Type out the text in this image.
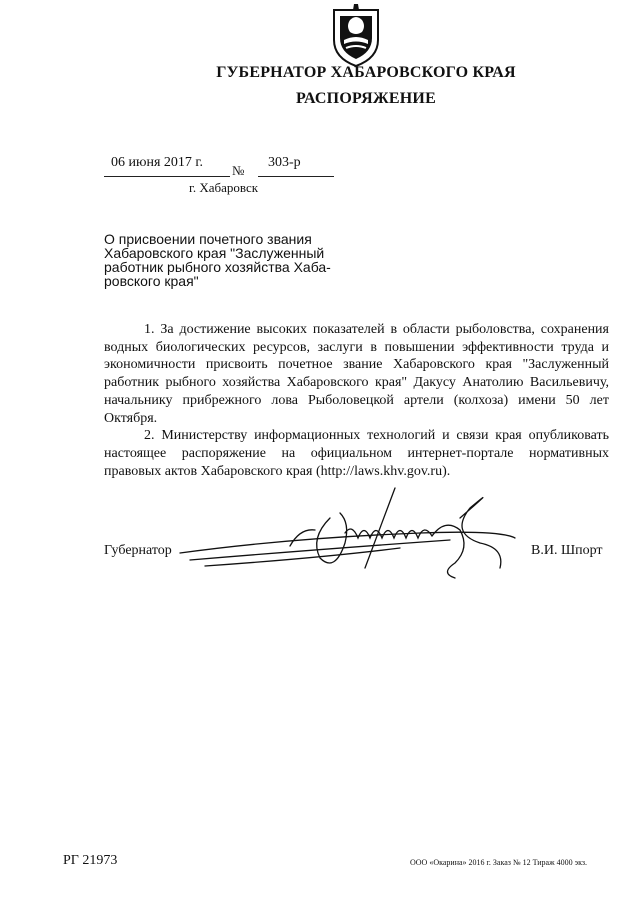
ГУБЕРНАТОР ХАБАРОВСКОГО КРАЯ
РАСПОРЯЖЕНИЕ
06 июня 2017 г.
№
303-р
г. Хабаровск
О присвоении почетного звания
Хабаровского края "Заслуженный
работник рыбного хозяйства Хаба-
ровского края"

1. За достижение высоких показателей в области рыболовства, сохранения водных биологических ресурсов, заслуги в повышении эффективности труда и экономичности присвоить почетное звание Хабаровского края "Заслуженный работник рыбного хозяйства Хабаровского края" Дакусу Анатолию Васильевичу, начальнику прибрежного лова Рыболовецкой артели (колхоза) имени 50 лет Октября.

2. Министерству информационных технологий и связи края опубликовать настоящее распоряжение на официальном интернет-портале нормативных правовых актов Хабаровского края (http://laws.khv.gov.ru).

Губернатор	В.И. Шпорт
РГ 21973	ООО «Окарина» 2016 г. Заказ № 12 Тираж 4000 экз.
